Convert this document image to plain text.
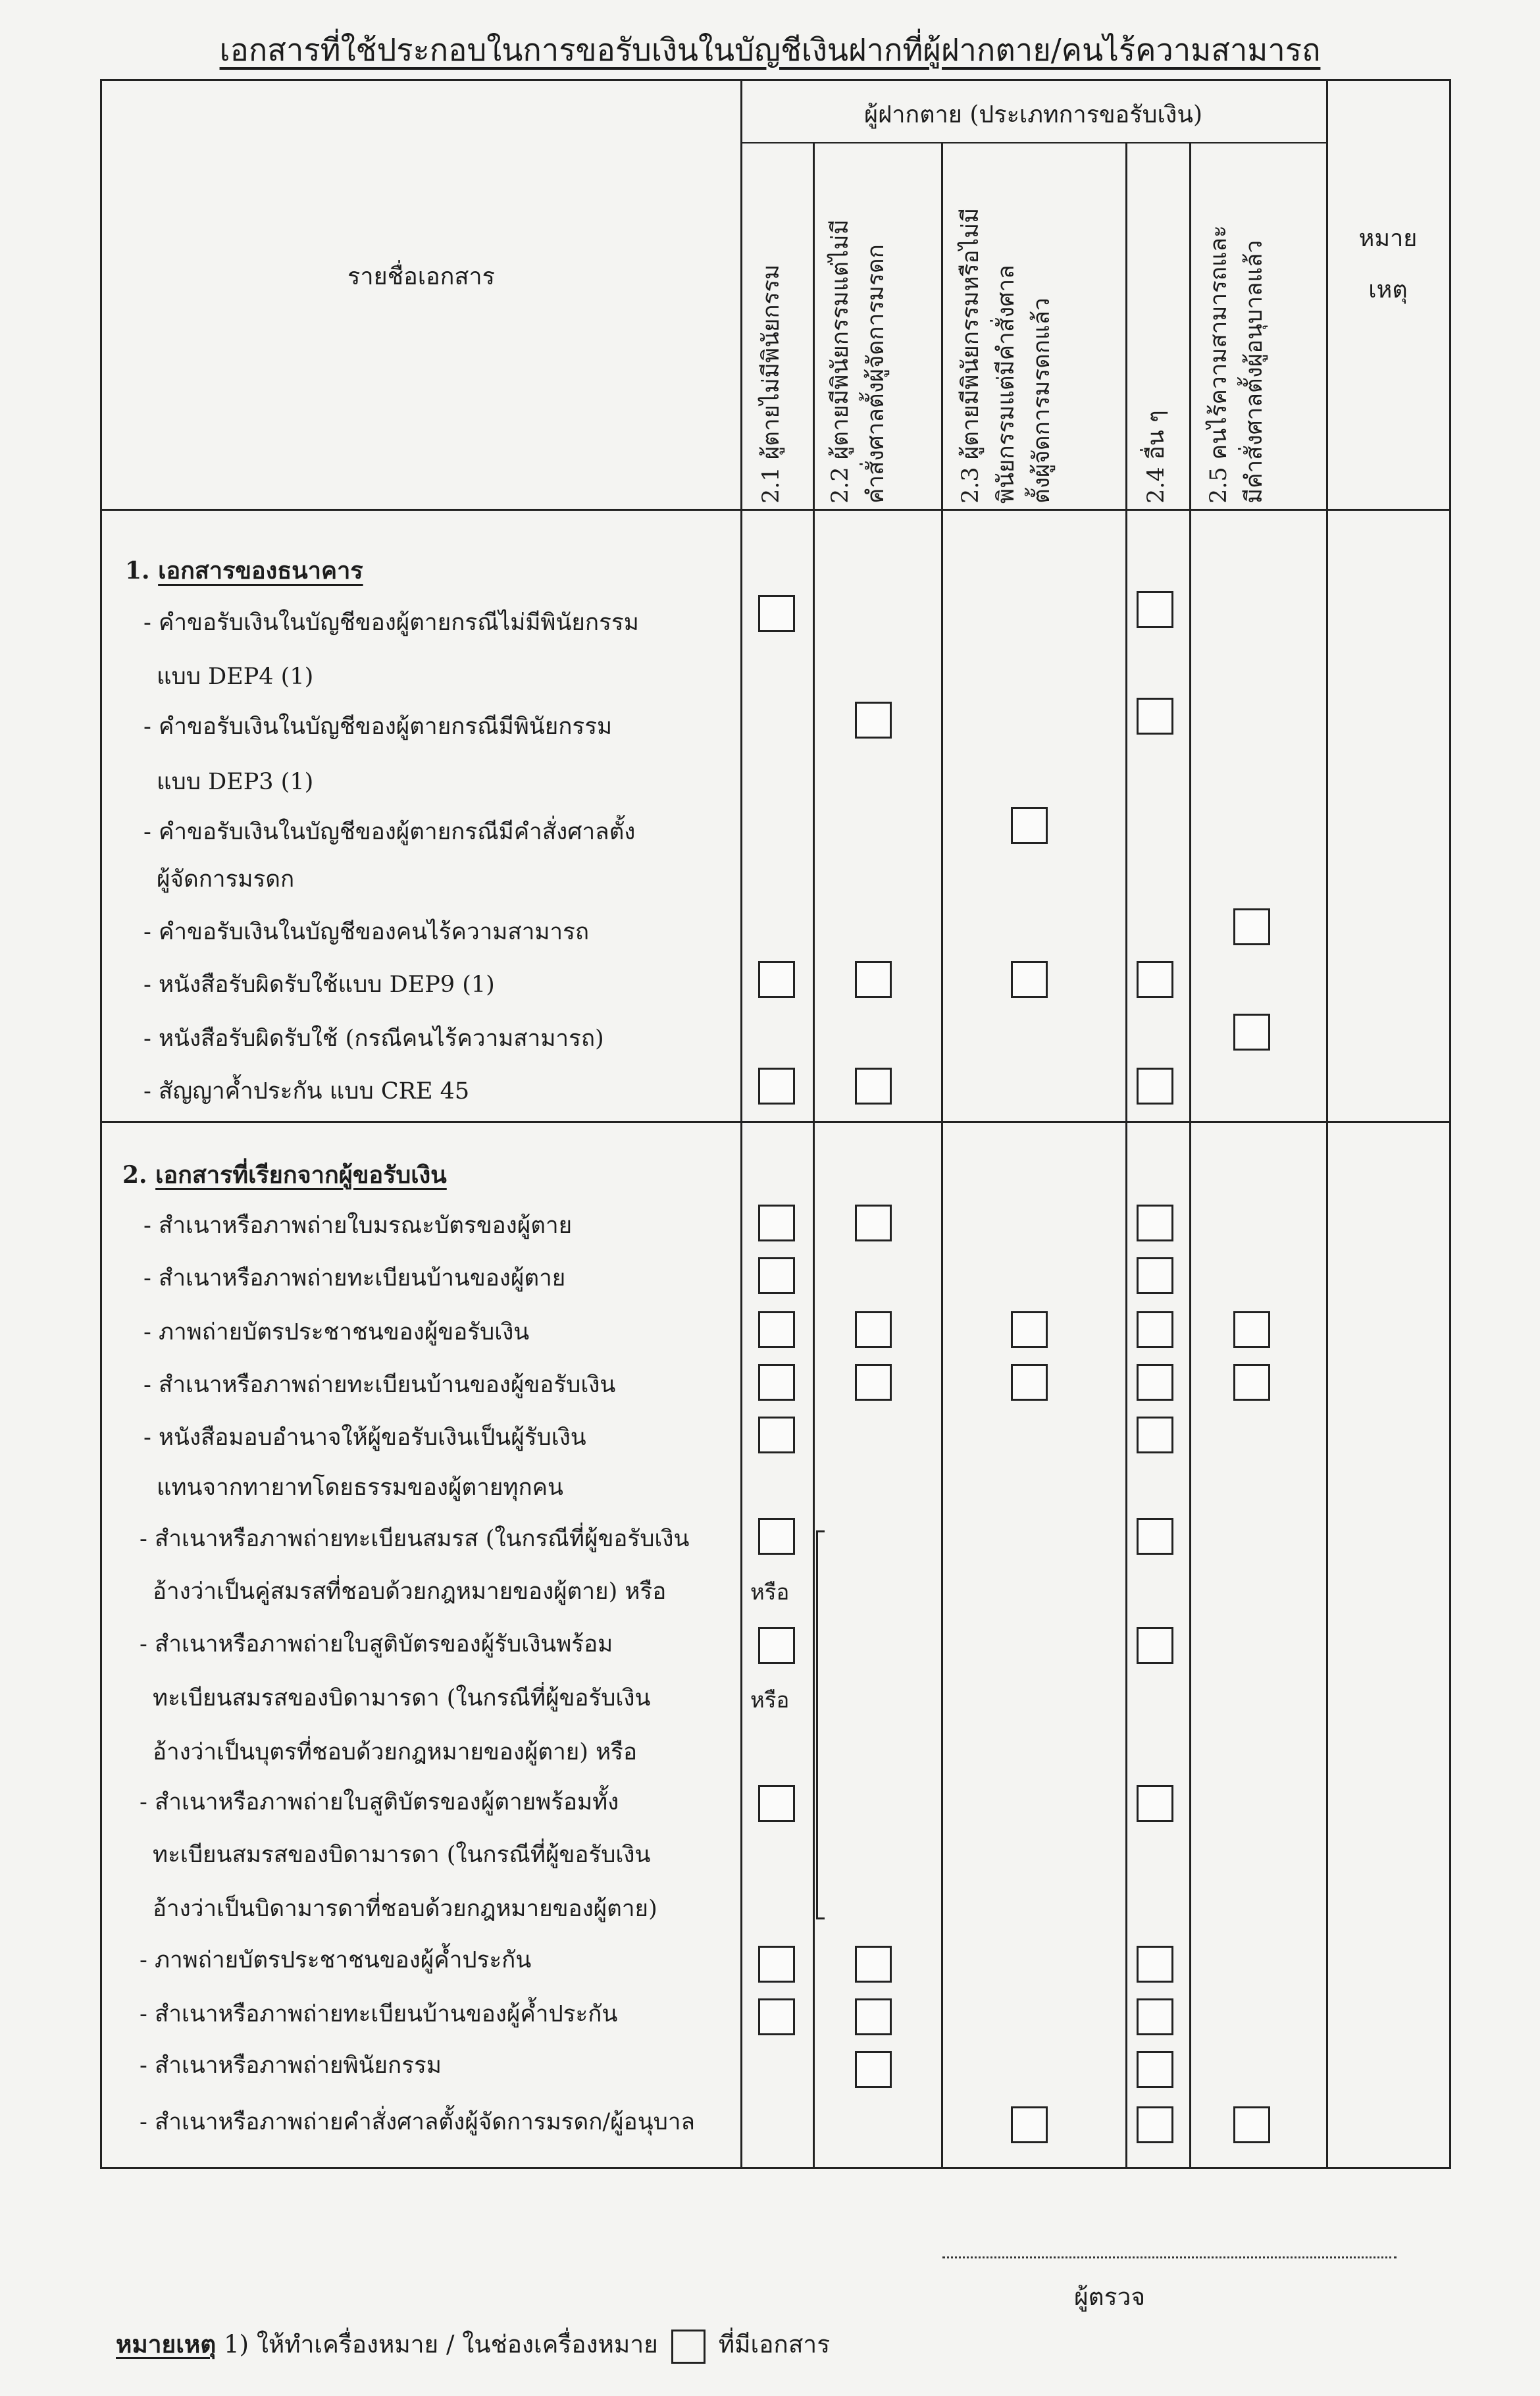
เอกสารที่ใช้ประกอบในการขอรับเงินในบัญชีเงินฝากที่ผู้ฝากตาย/คนไร้ความสามารถ
รายชื่อเอกสาร
ผู้ฝากตาย (ประเภทการขอรับเงิน)
หมาย
เหตุ
2.1 ผู้ตายไม่มีพินัยกรรม 2.2 ผู้ตายมีพินัยกรรมแต่ไม่มี คำสั่งศาลตั้งผู้จัดการมรดก	2.3 ผู้ตายมีพินัยกรรมหรือไม่มี พินัยกรรมแต่มีคำสั่งศาล ตั้งผู้จัดการมรดกแล้ว	2.4 อื่น ๆ 2.5 คนไร้ความสามารถและ มีคำสั่งศาลตั้งผู้อนุบาลแล้ว
1. เอกสารของธนาคาร
- คำขอรับเงินในบัญชีของผู้ตายกรณีไม่มีพินัยกรรม
แบบ DEP4 (1)
- คำขอรับเงินในบัญชีของผู้ตายกรณีมีพินัยกรรม
แบบ DEP3 (1)
- คำขอรับเงินในบัญชีของผู้ตายกรณีมีคำสั่งศาลตั้ง
ผู้จัดการมรดก
- คำขอรับเงินในบัญชีของคนไร้ความสามารถ
- หนังสือรับผิดรับใช้แบบ DEP9 (1)
- หนังสือรับผิดรับใช้ (กรณีคนไร้ความสามารถ)
- สัญญาค้ำประกัน แบบ CRE 45
2. เอกสารที่เรียกจากผู้ขอรับเงิน
- สำเนาหรือภาพถ่ายใบมรณะบัตรของผู้ตาย
- สำเนาหรือภาพถ่ายทะเบียนบ้านของผู้ตาย
- ภาพถ่ายบัตรประชาชนของผู้ขอรับเงิน
- สำเนาหรือภาพถ่ายทะเบียนบ้านของผู้ขอรับเงิน
- หนังสือมอบอำนาจให้ผู้ขอรับเงินเป็นผู้รับเงิน
แทนจากทายาทโดยธรรมของผู้ตายทุกคน
- สำเนาหรือภาพถ่ายทะเบียนสมรส (ในกรณีที่ผู้ขอรับเงิน
อ้างว่าเป็นคู่สมรสที่ชอบด้วยกฎหมายของผู้ตาย) หรือ
- สำเนาหรือภาพถ่ายใบสูติบัตรของผู้รับเงินพร้อม
ทะเบียนสมรสของบิดามารดา (ในกรณีที่ผู้ขอรับเงิน
อ้างว่าเป็นบุตรที่ชอบด้วยกฎหมายของผู้ตาย) หรือ
- สำเนาหรือภาพถ่ายใบสูติบัตรของผู้ตายพร้อมทั้ง
ทะเบียนสมรสของบิดามารดา (ในกรณีที่ผู้ขอรับเงิน
อ้างว่าเป็นบิดามารดาที่ชอบด้วยกฎหมายของผู้ตาย)
- ภาพถ่ายบัตรประชาชนของผู้ค้ำประกัน
- สำเนาหรือภาพถ่ายทะเบียนบ้านของผู้ค้ำประกัน
- สำเนาหรือภาพถ่ายพินัยกรรม
- สำเนาหรือภาพถ่ายคำสั่งศาลตั้งผู้จัดการมรดก/ผู้อนุบาล
หรือ
หรือ
ผู้ตรวจ
หมายเหตุ 1) ให้ทำเครื่องหมาย / ในช่องเครื่องหมาย ที่มีเอกสาร
